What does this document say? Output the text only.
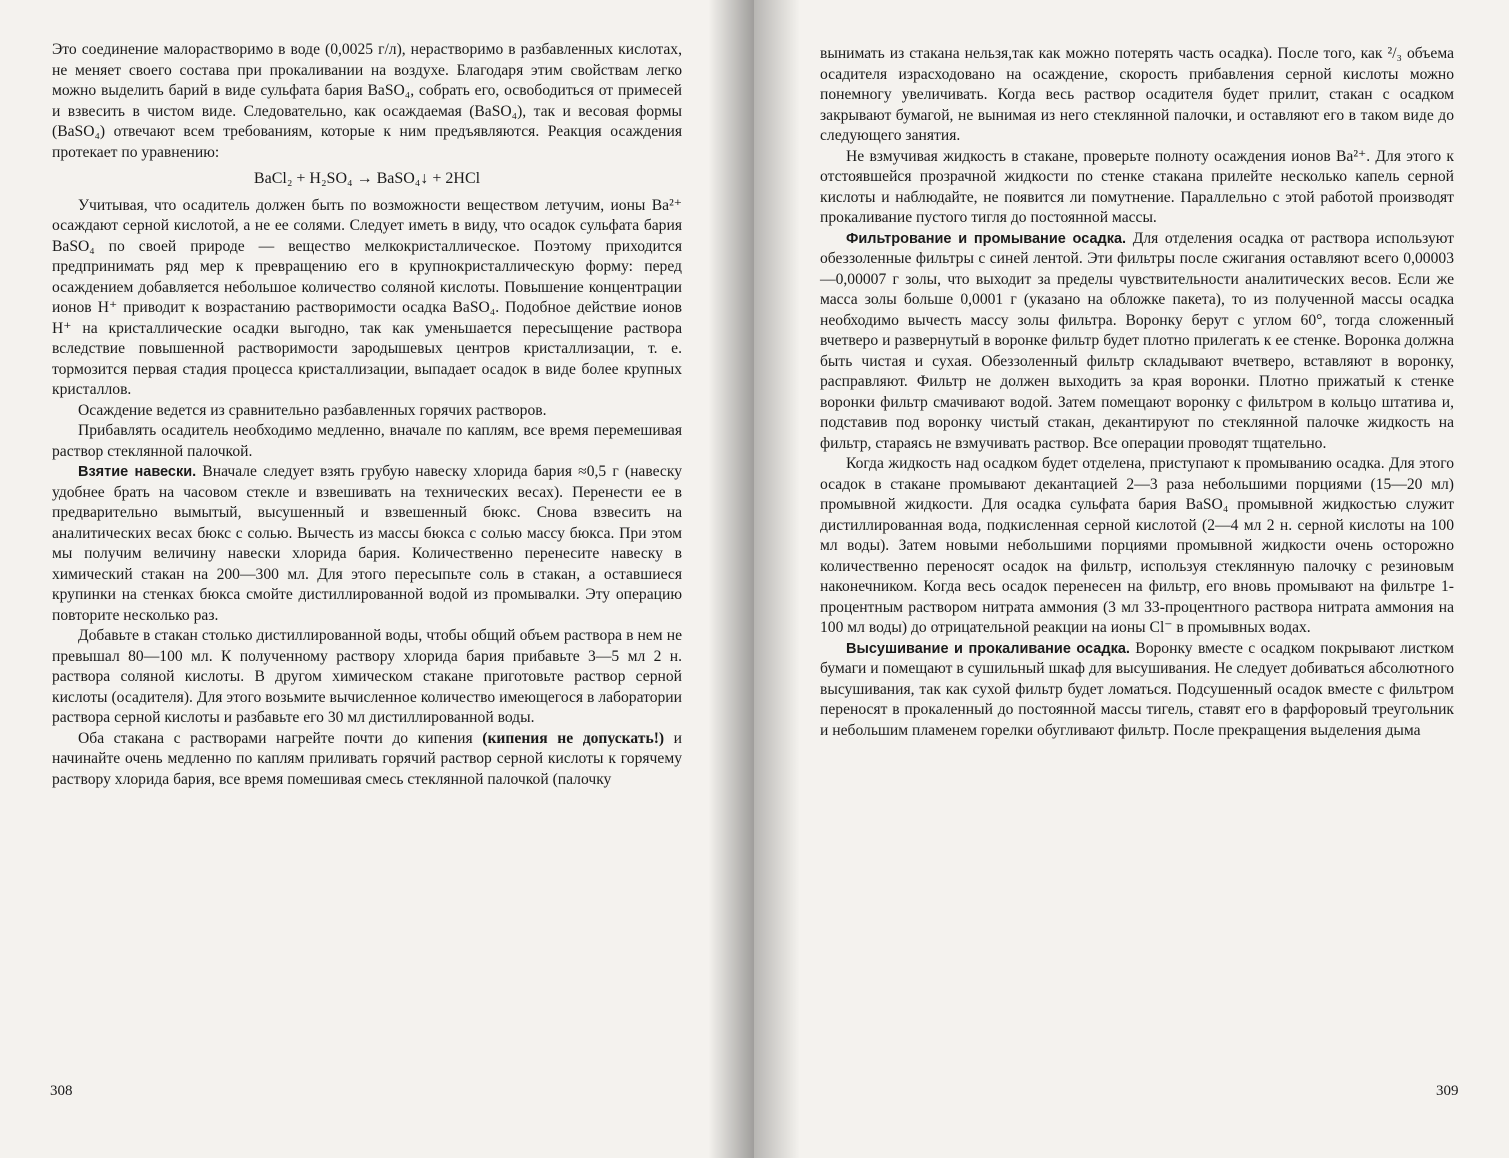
Это соединение малорастворимо в воде (0,0025 г/л), нерастворимо в разбавленных кислотах, не меняет своего состава при прокаливании на воздухе. Благодаря этим свойствам легко можно выделить барий в виде сульфата бария BaSO₄, собрать его, освободиться от примесей и взвесить в чистом виде. Следовательно, как осаждаемая (BaSO₄), так и весовая формы (BaSO₄) отвечают всем требованиям, которые к ним предъявляются. Реакция осаждения протекает по уравнению:

BaCl₂ + H₂SO₄ → BaSO₄↓ + 2HCl

Учитывая, что осадитель должен быть по возможности веществом летучим, ионы Ba²⁺ осаждают серной кислотой, а не ее солями. Следует иметь в виду, что осадок сульфата бария BaSO₄ по своей природе — вещество мелкокристаллическое. Поэтому приходится предпринимать ряд мер к превращению его в крупнокристаллическую форму: перед осаждением добавляется небольшое количество соляной кислоты. Повышение концентрации ионов H⁺ приводит к возрастанию растворимости осадка BaSO₄. Подобное действие ионов H⁺ на кристаллические осадки выгодно, так как уменьшается пересыщение раствора вследствие повышенной растворимости зародышевых центров кристаллизации, т. е. тормозится первая стадия процесса кристаллизации, выпадает осадок в виде более крупных кристаллов.

Осаждение ведется из сравнительно разбавленных горячих растворов.

Прибавлять осадитель необходимо медленно, вначале по каплям, все время перемешивая раствор стеклянной палочкой.

Взятие навески. Вначале следует взять грубую навеску хлорида бария ≈0,5 г (навеску удобнее брать на часовом стекле и взвешивать на технических весах). Перенести ее в предварительно вымытый, высушенный и взвешенный бюкс. Снова взвесить на аналитических весах бюкс с солью. Вычесть из массы бюкса с солью массу бюкса. При этом мы получим величину навески хлорида бария. Количественно перенесите навеску в химический стакан на 200—300 мл. Для этого пересыпьте соль в стакан, а оставшиеся крупинки на стенках бюкса смойте дистиллированной водой из промывалки. Эту операцию повторите несколько раз.

Добавьте в стакан столько дистиллированной воды, чтобы общий объем раствора в нем не превышал 80—100 мл. К полученному раствору хлорида бария прибавьте 3—5 мл 2 н. раствора соляной кислоты. В другом химическом стакане приготовьте раствор серной кислоты (осадителя). Для этого возьмите вычисленное количество имеющегося в лаборатории раствора серной кислоты и разбавьте его 30 мл дистиллированной воды.

Оба стакана с растворами нагрейте почти до кипения (кипения не допускать!) и начинайте очень медленно по каплям приливать горячий раствор серной кислоты к горячему раствору хлорида бария, все время помешивая смесь стеклянной палочкой (палочку

308

вынимать из стакана нельзя,так как можно потерять часть осадка). После того, как ²/₃ объема осадителя израсходовано на осаждение, скорость прибавления серной кислоты можно понемногу увеличивать. Когда весь раствор осадителя будет прилит, стакан с осадком закрывают бумагой, не вынимая из него стеклянной палочки, и оставляют его в таком виде до следующего занятия.

Не взмучивая жидкость в стакане, проверьте полноту осаждения ионов Ba²⁺. Для этого к отстоявшейся прозрачной жидкости по стенке стакана прилейте несколько капель серной кислоты и наблюдайте, не появится ли помутнение. Параллельно с этой работой производят прокаливание пустого тигля до постоянной массы.

Фильтрование и промывание осадка. Для отделения осадка от раствора используют обеззоленные фильтры с синей лентой. Эти фильтры после сжигания оставляют всего 0,00003—0,00007 г золы, что выходит за пределы чувствительности аналитических весов. Если же масса золы больше 0,0001 г (указано на обложке пакета), то из полученной массы осадка необходимо вычесть массу золы фильтра. Воронку берут с углом 60°, тогда сложенный вчетверо и развернутый в воронке фильтр будет плотно прилегать к ее стенке. Воронка должна быть чистая и сухая. Обеззоленный фильтр складывают вчетверо, вставляют в воронку, расправляют. Фильтр не должен выходить за края воронки. Плотно прижатый к стенке воронки фильтр смачивают водой. Затем помещают воронку с фильтром в кольцо штатива и, подставив под воронку чистый стакан, декантируют по стеклянной палочке жидкость на фильтр, стараясь не взмучивать раствор. Все операции проводят тщательно.

Когда жидкость над осадком будет отделена, приступают к промыванию осадка. Для этого осадок в стакане промывают декантацией 2—3 раза небольшими порциями (15—20 мл) промывной жидкости. Для осадка сульфата бария BaSO₄ промывной жидкостью служит дистиллированная вода, подкисленная серной кислотой (2—4 мл 2 н. серной кислоты на 100 мл воды). Затем новыми небольшими порциями промывной жидкости очень осторожно количественно переносят осадок на фильтр, используя стеклянную палочку с резиновым наконечником. Когда весь осадок перенесен на фильтр, его вновь промывают на фильтре 1-процентным раствором нитрата аммония (3 мл 33-процентного раствора нитрата аммония на 100 мл воды) до отрицательной реакции на ионы Cl⁻ в промывных водах.

Высушивание и прокаливание осадка. Воронку вместе с осадком покрывают листком бумаги и помещают в сушильный шкаф для высушивания. Не следует добиваться абсолютного высушивания, так как сухой фильтр будет ломаться. Подсушенный осадок вместе с фильтром переносят в прокаленный до постоянной массы тигель, ставят его в фарфоровый треугольник и небольшим пламенем горелки обугливают фильтр. После прекращения выделения дыма

309
